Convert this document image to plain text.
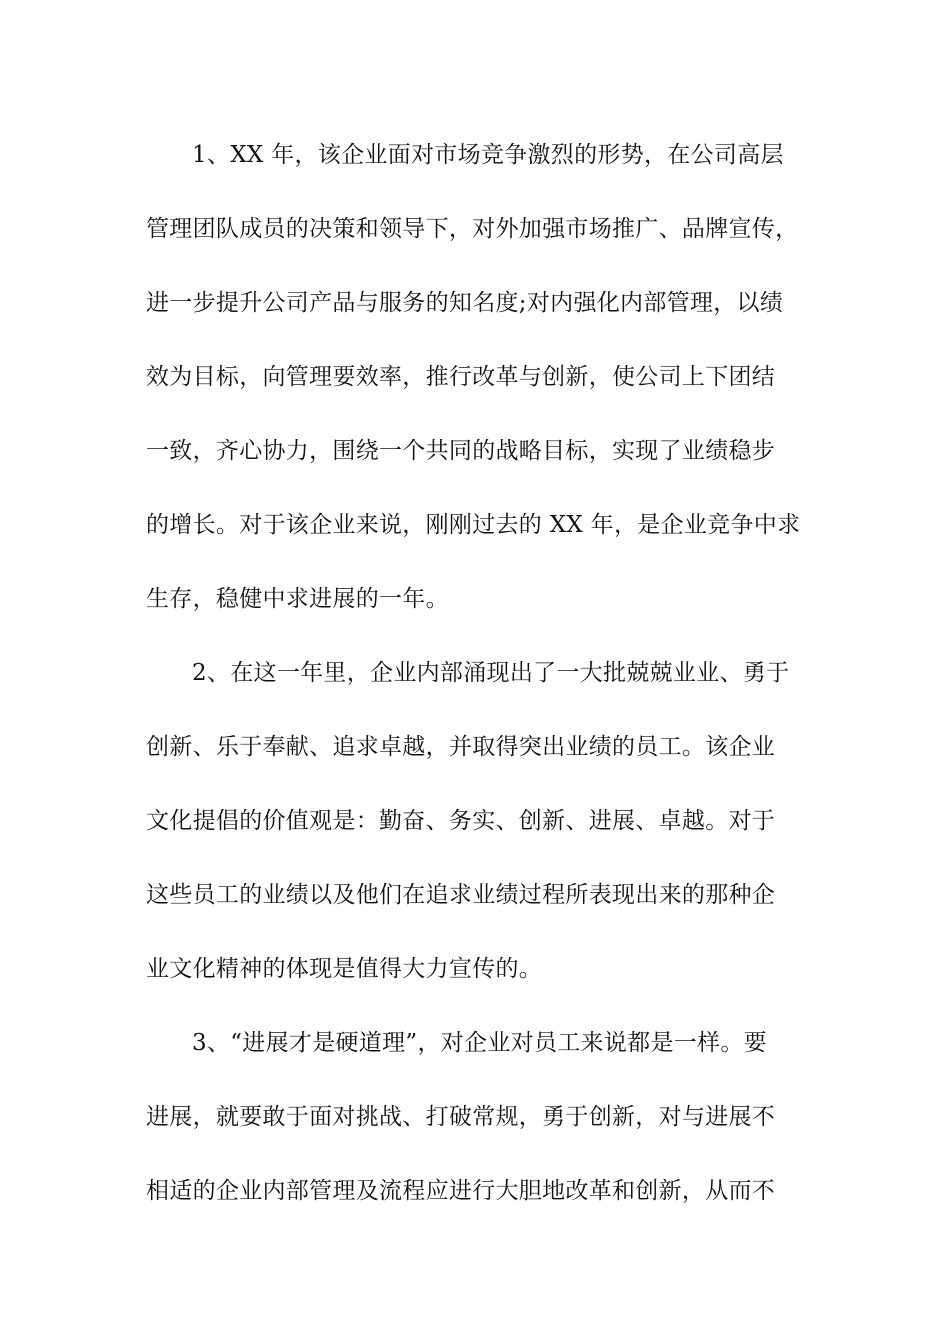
1、XX 年，该企业面对市场竞争激烈的形势，在公司高层
管理团队成员的决策和领导下，对外加强市场推广、品牌宣传，
进一步提升公司产品与服务的知名度;对内强化内部管理，以绩
效为目标，向管理要效率，推行改革与创新，使公司上下团结
一致，齐心协力，围绕一个共同的战略目标，实现了业绩稳步
的增长。对于该企业来说，刚刚过去的 XX 年，是企业竞争中求
生存，稳健中求进展的一年。
2、在这一年里，企业内部涌现出了一大批兢兢业业、勇于
创新、乐于奉献、追求卓越，并取得突出业绩的员工。该企业
文化提倡的价值观是：勤奋、务实、创新、进展、卓越。对于
这些员工的业绩以及他们在追求业绩过程所表现出来的那种企
业文化精神的体现是值得大力宣传的。
3、“进展才是硬道理”，对企业对员工来说都是一样。要
进展，就要敢于面对挑战、打破常规，勇于创新，对与进展不
相适的企业内部管理及流程应进行大胆地改革和创新，从而不
